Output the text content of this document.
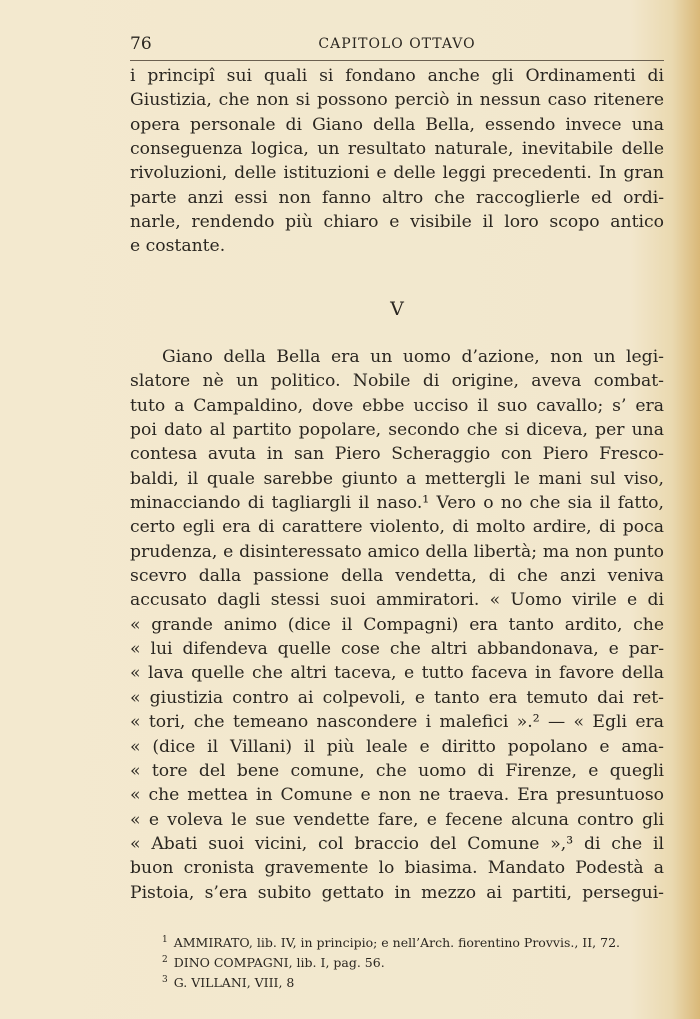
76	CAPITOLO OTTAVO
i principî sui quali si fondano anche gli Ordinamenti di
Giustizia, che non si possono perciò in nessun caso ritenere
opera personale di Giano della Bella, essendo invece una
conseguenza logica, un resultato naturale, inevitabile delle
rivoluzioni, delle istituzioni e delle leggi precedenti. In gran
parte anzi essi non fanno altro che raccoglierle ed ordi-
narle, rendendo più chiaro e visibile il loro scopo antico
e costante.
V
Giano della Bella era un uomo d’azione, non un legi-
slatore nè un politico. Nobile di origine, aveva combat-
tuto a Campaldino, dove ebbe ucciso il suo cavallo; s’ era
poi dato al partito popolare, secondo che si diceva, per una
contesa avuta in san Piero Scheraggio con Piero Fresco-
baldi, il quale sarebbe giunto a mettergli le mani sul viso,
minacciando di tagliargli il naso.¹ Vero o no che sia il fatto,
certo egli era di carattere violento, di molto ardire, di poca
prudenza, e disinteressato amico della libertà; ma non punto
scevro dalla passione della vendetta, di che anzi veniva
accusato dagli stessi suoi ammiratori. « Uomo virile e di
« grande animo (dice il Compagni) era tanto ardito, che
« lui difendeva quelle cose che altri abbandonava, e par-
« lava quelle che altri taceva, e tutto faceva in favore della
« giustizia contro ai colpevoli, e tanto era temuto dai ret-
« tori, che temeano nascondere i malefici ».² — « Egli era
« (dice il Villani) il più leale e diritto popolano e ama-
« tore del bene comune, che uomo di Firenze, e quegli
« che mettea in Comune e non ne traeva. Era presuntuoso
« e voleva le sue vendette fare, e fecene alcuna contro gli
« Abati suoi vicini, col braccio del Comune »,³ di che il
buon cronista gravemente lo biasima. Mandato Podestà a
Pistoia, s’era subito gettato in mezzo ai partiti, persegui-
$^1$ AMMIRATO, lib. IV, in principio; e nell’Arch. fiorentino Provvis., II, 72.
$^2$ DINO COMPAGNI, lib. I, pag. 56.
$^3$ G. VILLANI, VIII, 8
